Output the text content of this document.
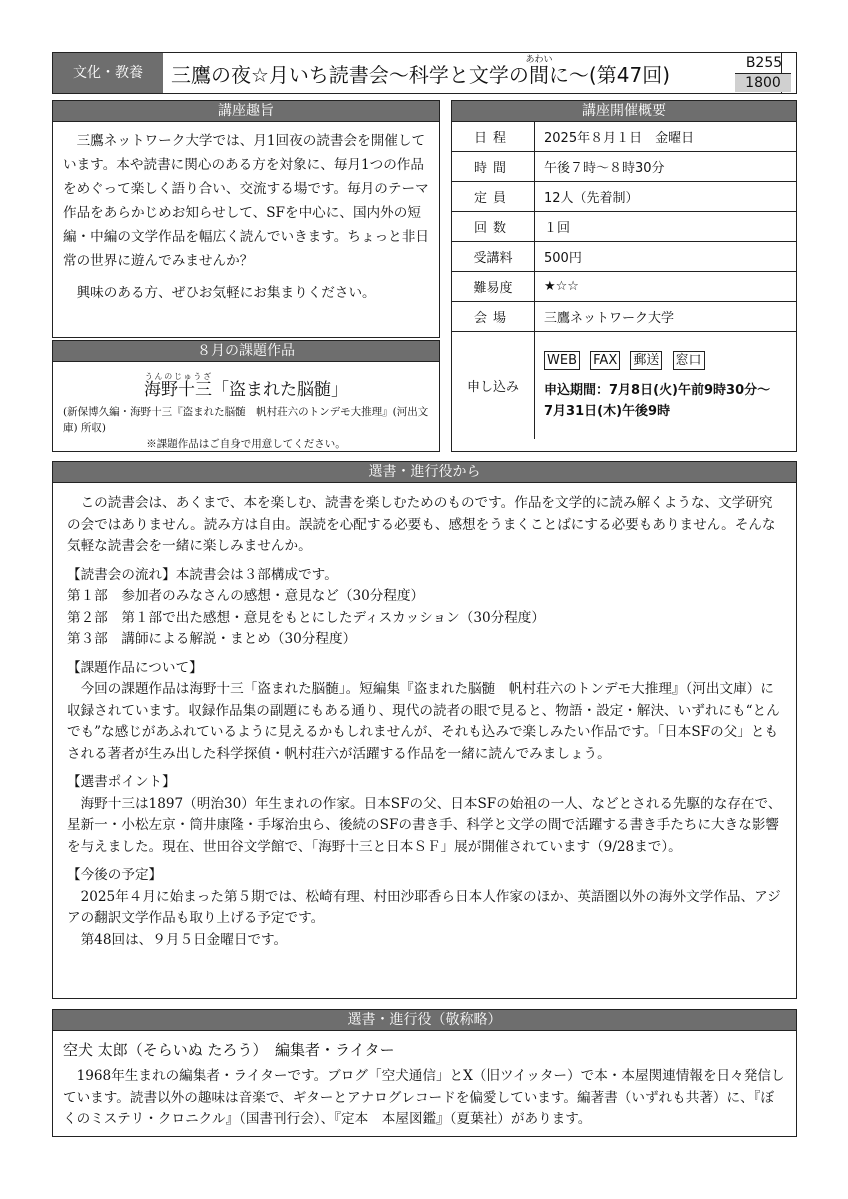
文化・教養	三鷹の夜☆月いち読書会～科学と文学の間あわいに～(第47回)	B255
1800
講座趣旨

三鷹ネットワーク大学では、月1回夜の読書会を開催しています。本や読書に関心のある方を対象に、毎月1つの作品をめぐって楽しく語り合い、交流する場です。毎月のテーマ作品をあらかじめお知らせして、SFを中心に、国内外の短編・中編の文学作品を幅広く読んでいきます。ちょっと非日常の世界に遊んでみませんか？

興味のある方、ぜひお気軽にお集まりください。

８月の課題作品
海野十三うんのじゅうざ「盗まれた脳髄」
(新保博久編・海野十三『盗まれた脳髄　帆村荘六のトンデモ大推理』(河出文庫) 所収)
※課題作品はご自身で用意してください。
講座開催概要
日程	2025年８月１日　金曜日
時間	午後７時～８時30分
定員	12人（先着制）
回数	１回
受講料	500円
難易度	★☆☆
会場	三鷹ネットワーク大学
申し込み	WEB FAX 郵送 窓口
申込期間：7月8日(火)午前9時30分～
7月31日(木)午後9時
選書・進行役から

この読書会は、あくまで、本を楽しむ、読書を楽しむためのものです。作品を文学的に読み解くような、文学研究の会ではありません。読み方は自由。誤読を心配する必要も、感想をうまくことばにする必要もありません。そんな気軽な読書会を一緒に楽しみませんか。

【読書会の流れ】本読書会は３部構成です。

第１部　参加者のみなさんの感想・意見など（30分程度）

第２部　第１部で出た感想・意見をもとにしたディスカッション（30分程度）

第３部　講師による解説・まとめ（30分程度）

【課題作品について】

今回の課題作品は海野十三「盗まれた脳髄」。短編集『盗まれた脳髄　帆村荘六のトンデモ大推理』（河出文庫）に収録されています。収録作品集の副題にもある通り、現代の読者の眼で見ると、物語・設定・解決、いずれにも“とんでも”な感じがあふれているように見えるかもしれませんが、それも込みで楽しみたい作品です。「日本SFの父」ともされる著者が生み出した科学探偵・帆村荘六が活躍する作品を一緒に読んでみましょう。

【選書ポイント】

海野十三は1897（明治30）年生まれの作家。日本SFの父、日本SFの始祖の一人、などとされる先駆的な存在で、星新一・小松左京・筒井康隆・手塚治虫ら、後続のSFの書き手、科学と文学の間で活躍する書き手たちに大きな影響を与えました。現在、世田谷文学館で、「海野十三と日本ＳＦ」展が開催されています（9/28まで）。

【今後の予定】

2025年４月に始まった第５期では、松崎有理、村田沙耶香ら日本人作家のほか、英語圏以外の海外文学作品、アジアの翻訳文学作品も取り上げる予定です。

第48回は、９月５日金曜日です。

選書・進行役（敬称略）
空犬 太郎（そらいぬ たろう）　編集者・ライター
1968年生まれの編集者・ライターです。ブログ「空犬通信」とX（旧ツイッター）で本・本屋関連情報を日々発信しています。読書以外の趣味は音楽で、ギターとアナログレコードを偏愛しています。編著書（いずれも共著）に、『ぼくのミステリ・クロニクル』（国書刊行会）、『定本　本屋図鑑』（夏葉社）があります。
